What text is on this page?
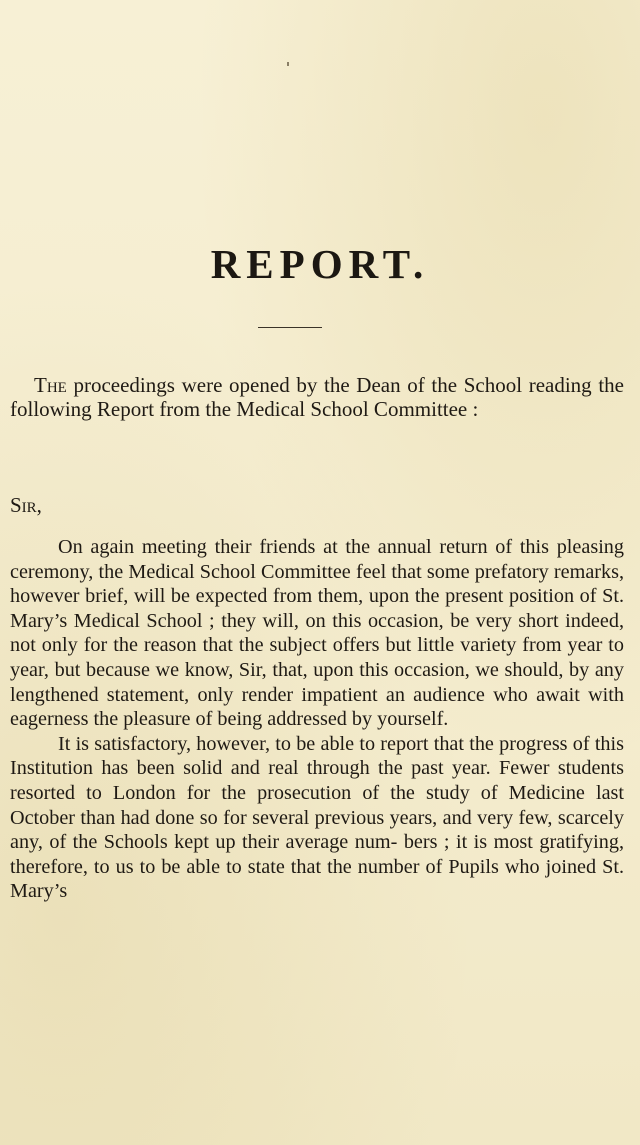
REPORT.
The proceedings were opened by the Dean of the School reading the following Report from the Medical School Committee :
Sir,

On again meeting their friends at the annual return of this pleasing ceremony, the Medical School Committee feel that some prefatory remarks, however brief, will be expected from them, upon the present position of St. Mary’s Medical School ; they will, on this occasion, be very short indeed, not only for the reason that the subject offers but little variety from year to year, but because we know, Sir, that, upon this occasion, we should, by any lengthened statement, only render impatient an audience who await with eagerness the pleasure of being addressed by yourself.

It is satisfactory, however, to be able to report that the progress of this Institution has been solid and real through the past year. Fewer students resorted to London for the prosecution of the study of Medicine last October than had done so for several previous years, and very few, scarcely any, of the Schools kept up their average num- bers ; it is most gratifying, therefore, to us to be able to state that the number of Pupils who joined St. Mary’s
